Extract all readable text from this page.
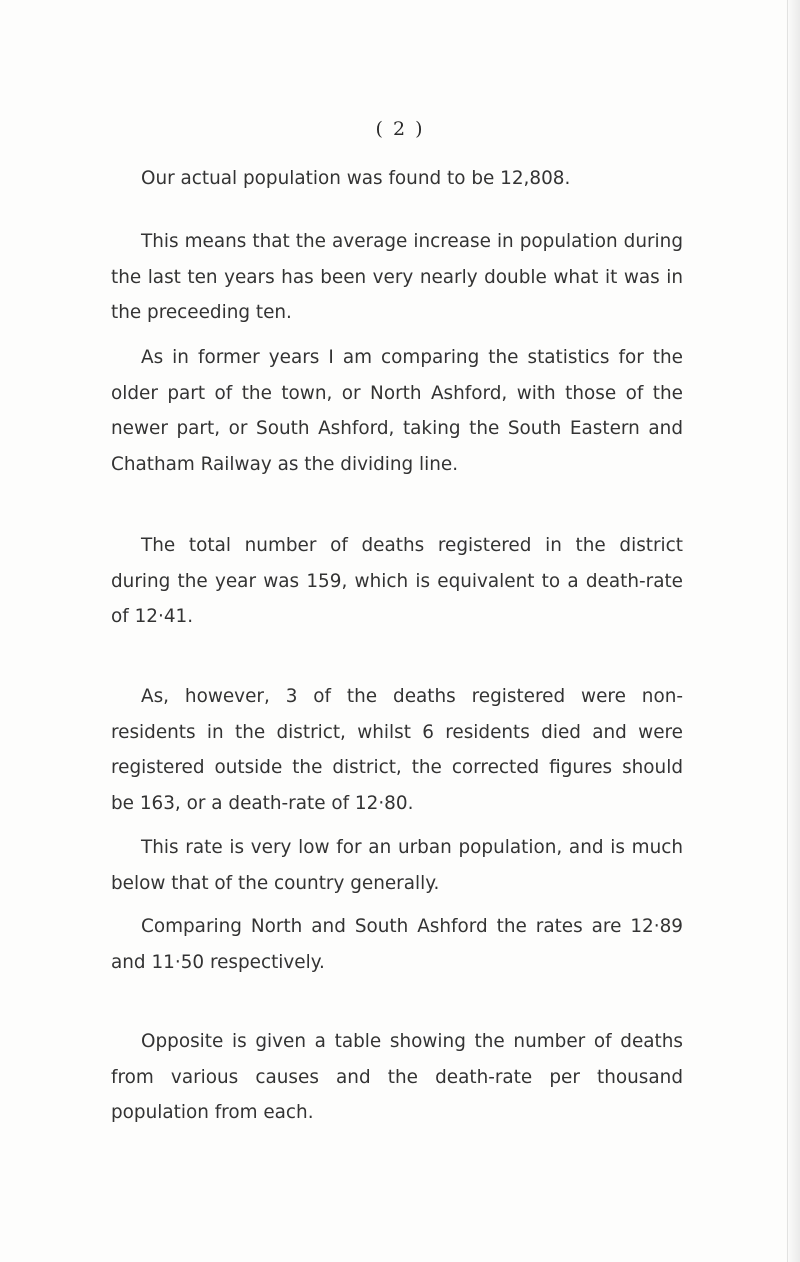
( 2 )

Our actual population was found to be 12,808.

This means that the average increase in population during the last ten years has been very nearly double what it was in the preceeding ten.

As in former years I am comparing the statistics for the older part of the town, or North Ashford, with those of the newer part, or South Ashford, taking the South Eastern and Chatham Railway as the dividing line.

The total number of deaths registered in the district during the year was 159, which is equivalent to a death-rate of 12·41.

As, however, 3 of the deaths registered were non-residents in the district, whilst 6 residents died and were registered outside the district, the corrected figures should be 163, or a death-rate of 12·80.

This rate is very low for an urban population, and is much below that of the country generally.

Comparing North and South Ashford the rates are 12·89 and 11·50 respectively.

Opposite is given a table showing the number of deaths from various causes and the death-rate per thousand population from each.
